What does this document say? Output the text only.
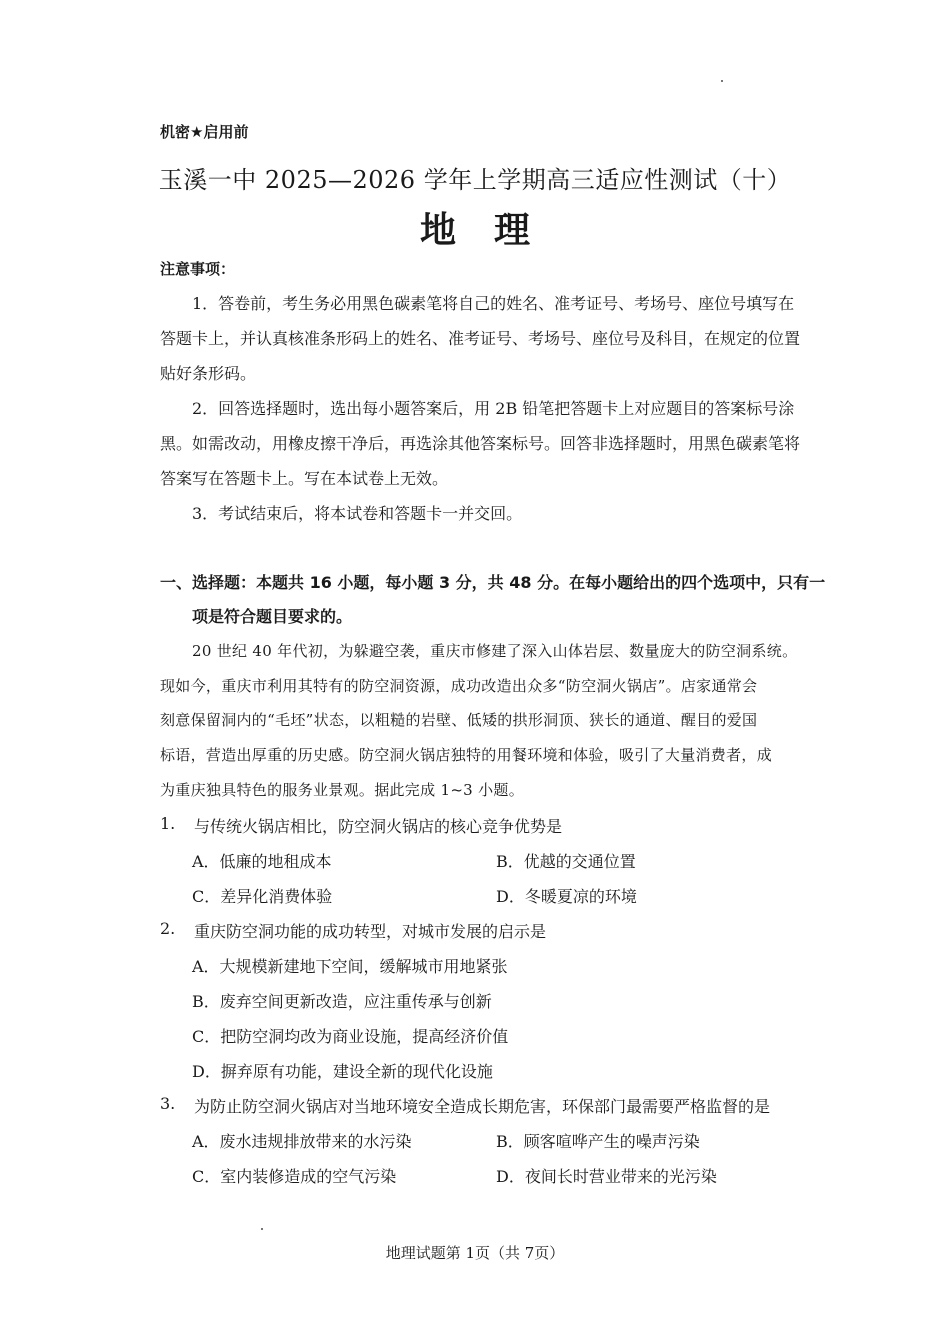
机密★启用前
玉溪一中 2025—2026 学年上学期高三适应性测试（十）
地理
注意事项：
1．答卷前，考生务必用黑色碳素笔将自己的姓名、准考证号、考场号、座位号填写在
答题卡上，并认真核准条形码上的姓名、准考证号、考场号、座位号及科目，在规定的位置
贴好条形码。
2．回答选择题时，选出每小题答案后，用 2B 铅笔把答题卡上对应题目的答案标号涂
黑。如需改动，用橡皮擦干净后，再选涂其他答案标号。回答非选择题时，用黑色碳素笔将
答案写在答题卡上。写在本试卷上无效。
3．考试结束后，将本试卷和答题卡一并交回。
一、选择题：本题共 16 小题，每小题 3 分，共 48 分。在每小题给出的四个选项中，只有一
项是符合题目要求的。
20 世纪 40 年代初，为躲避空袭，重庆市修建了深入山体岩层、数量庞大的防空洞系统。
现如今，重庆市利用其特有的防空洞资源，成功改造出众多“防空洞火锅店”。店家通常会
刻意保留洞内的“毛坯”状态，以粗糙的岩壁、低矮的拱形洞顶、狭长的通道、醒目的爱国
标语，营造出厚重的历史感。防空洞火锅店独特的用餐环境和体验，吸引了大量消费者，成
为重庆独具特色的服务业景观。据此完成 1~3 小题。
1. 与传统火锅店相比，防空洞火锅店的核心竞争优势是
A．低廉的地租成本	B．优越的交通位置
C．差异化消费体验	D．冬暖夏凉的环境
2. 重庆防空洞功能的成功转型，对城市发展的启示是
A．大规模新建地下空间，缓解城市用地紧张
B．废弃空间更新改造，应注重传承与创新
C．把防空洞均改为商业设施，提高经济价值
D．摒弃原有功能，建设全新的现代化设施
3. 为防止防空洞火锅店对当地环境安全造成长期危害，环保部门最需要严格监督的是
A．废水违规排放带来的水污染	B．顾客喧哗产生的噪声污染
C．室内装修造成的空气污染	D．夜间长时营业带来的光污染
地理试题第 1页（共 7页）
